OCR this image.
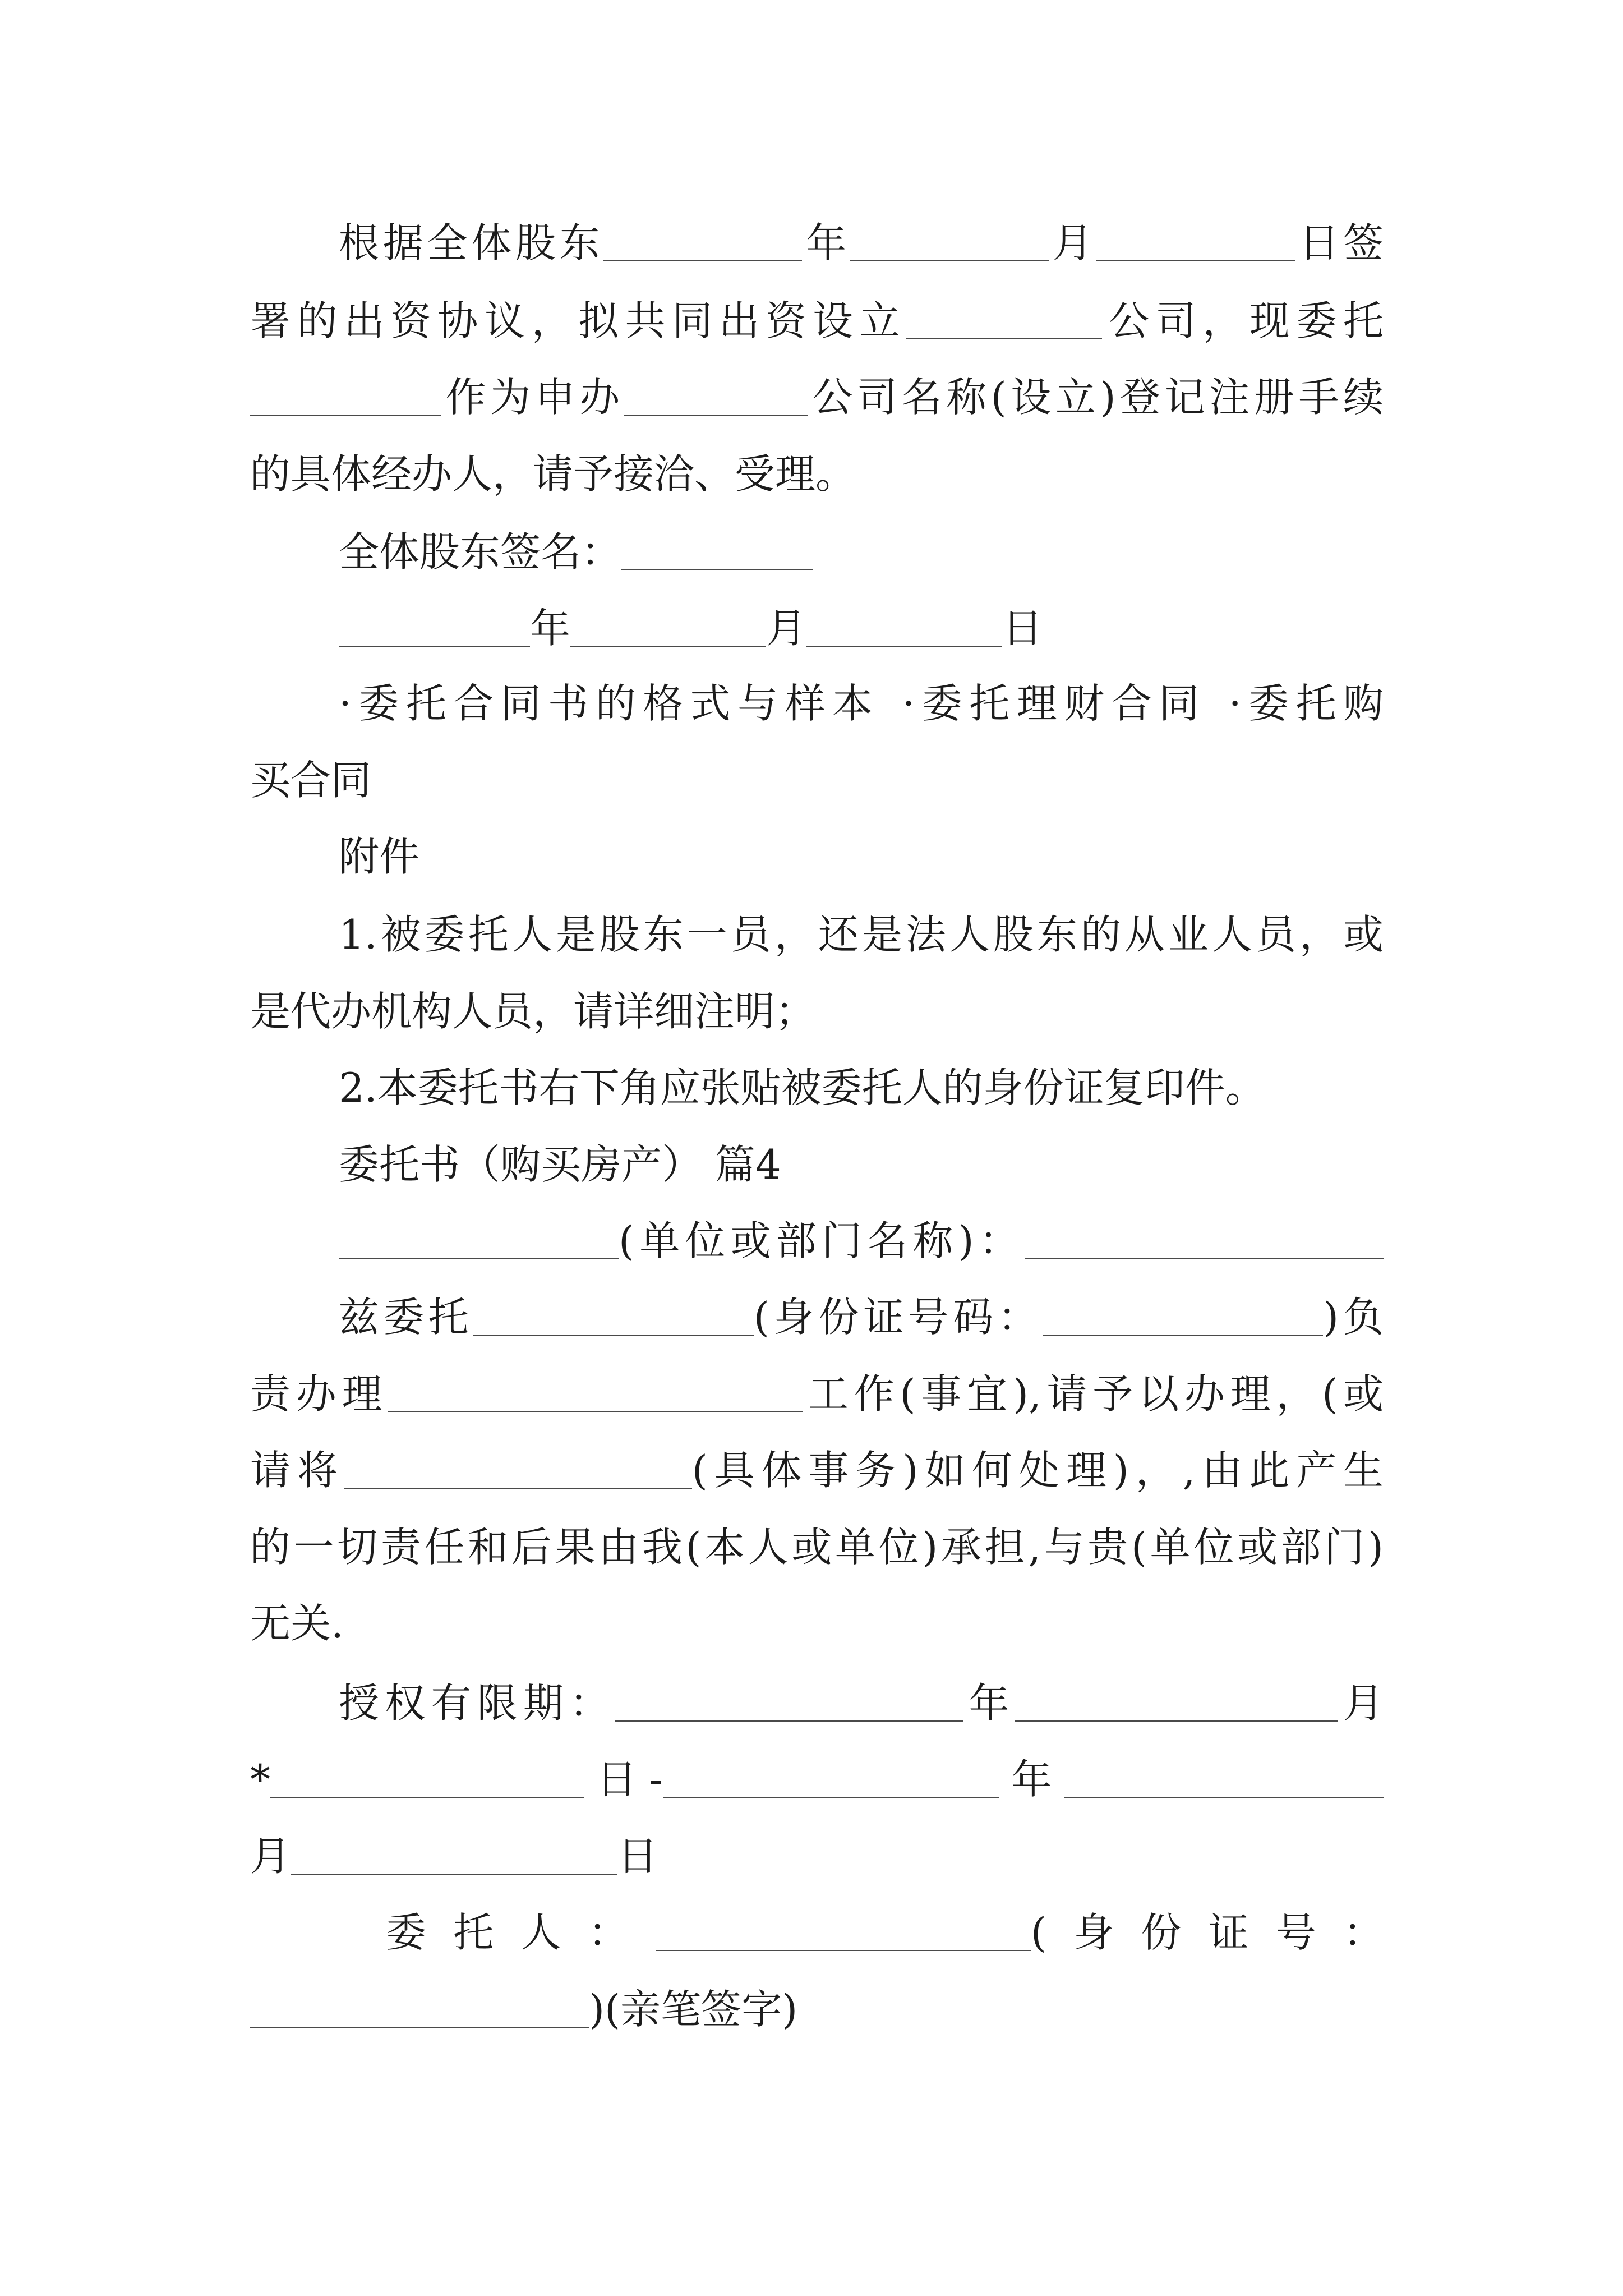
根据全体股东	年	月	日签
署的出资协议，拟共同出资设立	公司，现委托
作为申办	公司名称(设立)登记注册手续
的具体经办人，请予接洽、受理。
全体股东签名：
年	月	日
·委托合同书的格式与样本 ·委托理财合同 ·委托购
买合同
附件
1.被委托人是股东一员，还是法人股东的从业人员，或
是代办机构人员，请详细注明；
2.本委托书右下角应张贴被委托人的身份证复印件。
委托书（购买房产） 篇4
(单位或部门名称)：
兹委托	(身份证号码：	)负
责办理	工作(事宜),请予以办理，(或
请将	(具体事务)如何处理)，,由此产生
的一切责任和后果由我(本人或单位)承担,与贵(单位或部门)
无关.
授权有限期：	年	月
*	日-	年
月	日
委托人：	(身份证号：
)(亲笔签字)
